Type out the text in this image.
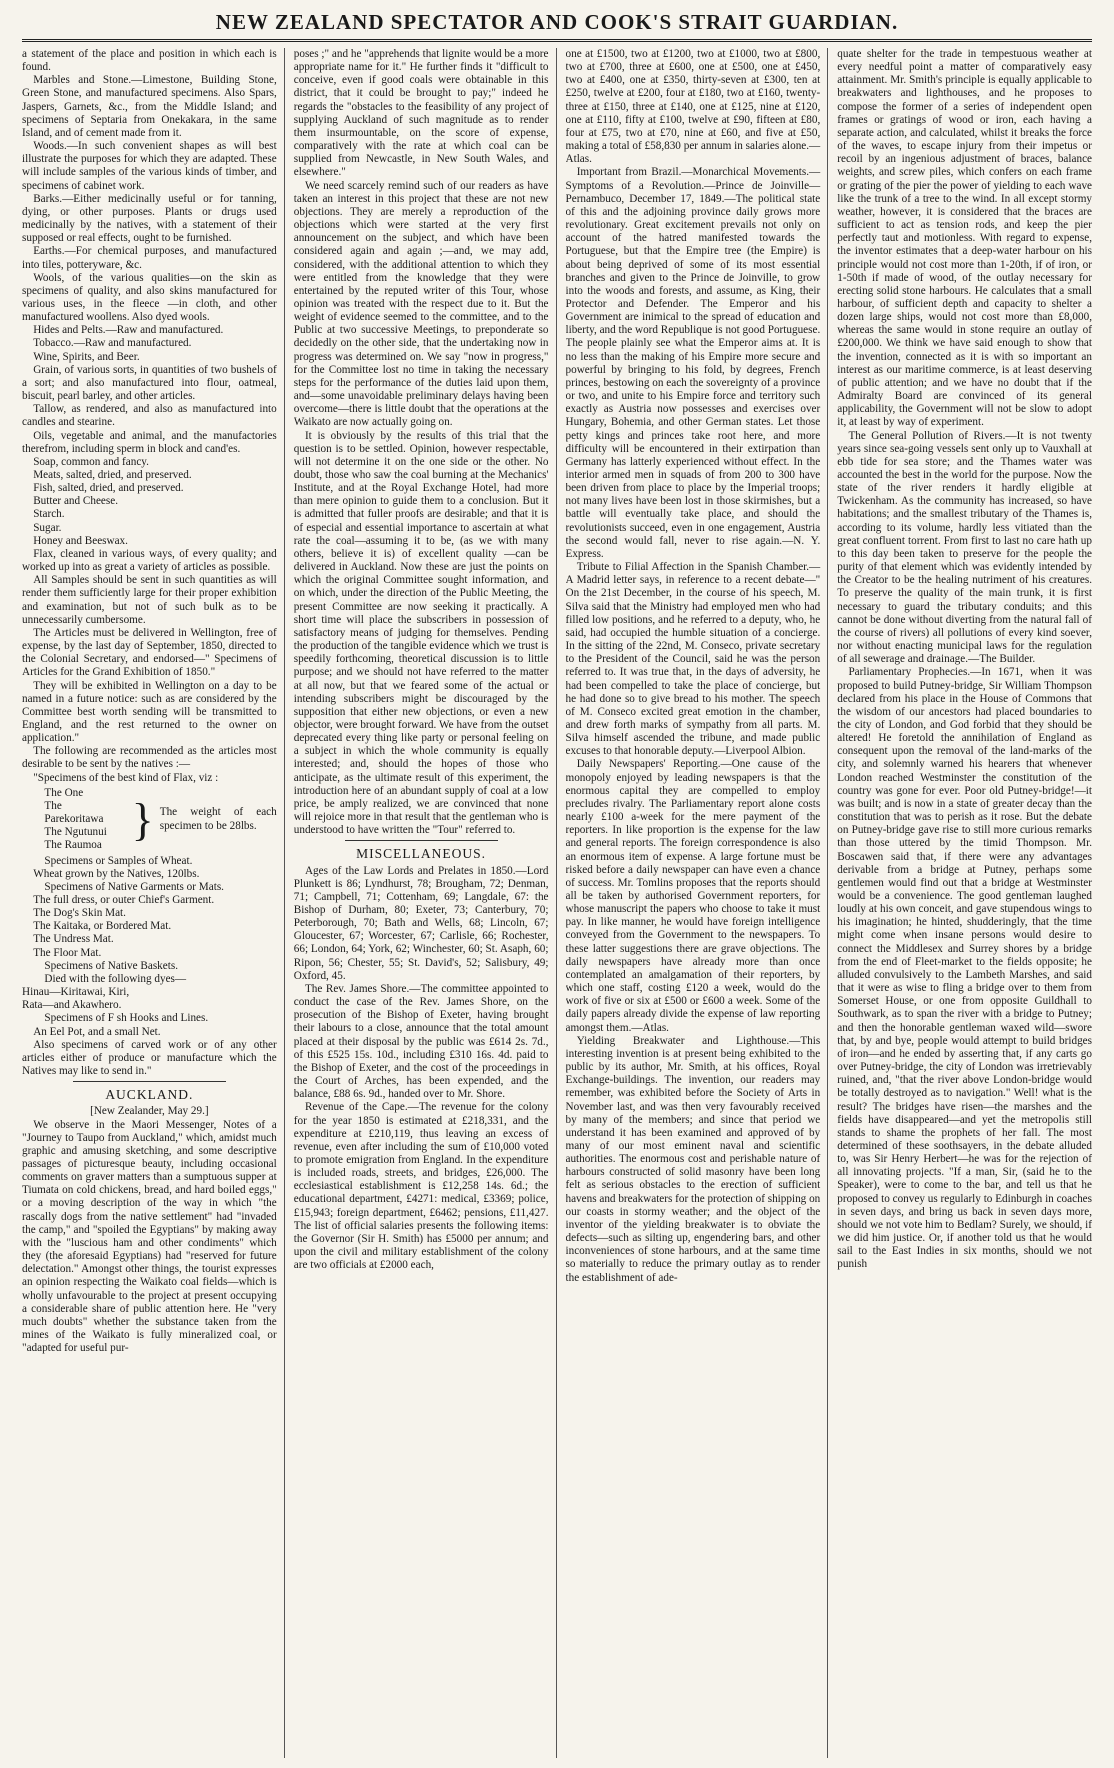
NEW ZEALAND SPECTATOR AND COOK'S STRAIT GUARDIAN.

a statement of the place and position in which each is found.

Marbles and Stone.—Limestone, Building Stone, Green Stone, and manufactured specimens. Also Spars, Jaspers, Garnets, &c., from the Middle Island; and specimens of Septaria from Onekakara, in the same Island, and of cement made from it.

Woods.—In such convenient shapes as will best illustrate the purposes for which they are adapted. These will include samples of the various kinds of timber, and specimens of cabinet work.

Barks.—Either medicinally useful or for tanning, dying, or other purposes. Plants or drugs used medicinally by the natives, with a statement of their supposed or real effects, ought to be furnished.

Earths.—For chemical purposes, and manufactured into tiles, potteryware, &c.

Wools, of the various qualities—on the skin as specimens of quality, and also skins manufactured for various uses, in the fleece —in cloth, and other manufactured woollens. Also dyed wools.

Hides and Pelts.—Raw and manufactured.

Tobacco.—Raw and manufactured.

Wine, Spirits, and Beer.

Grain, of various sorts, in quantities of two bushels of a sort; and also manufactured into flour, oatmeal, biscuit, pearl barley, and other articles.

Tallow, as rendered, and also as manufactured into candles and stearine.

Oils, vegetable and animal, and the manufactories therefrom, including sperm in block and cand'es.

Soap, common and fancy.

Meats, salted, dried, and preserved.

Fish, salted, dried, and preserved.

Butter and Cheese.

Starch.

Sugar.

Honey and Beeswax.

Flax, cleaned in various ways, of every quality; and worked up into as great a variety of articles as possible.

All Samples should be sent in such quantities as will render them sufficiently large for their proper exhibition and examination, but not of such bulk as to be unnecessarily cumbersome.

The Articles must be delivered in Wellington, free of expense, by the last day of September, 1850, directed to the Colonial Secretary, and endorsed—" Specimens of Articles for the Grand Exhibition of 1850."

They will be exhibited in Wellington on a day to be named in a future notice: such as are considered by the Committee best worth sending will be transmitted to England, and the rest returned to the owner on application."

The following are recommended as the articles most desirable to be sent by the natives :—

"Specimens of the best kind of Flax, viz :

The One
The Parekoritawa
The Ngutunui
The Raumoa
} The weight of each specimen to be 28lbs.

Specimens or Samples of Wheat.

Wheat grown by the Natives, 120lbs.

Specimens of Native Garments or Mats.

The full dress, or outer Chief's Garment.

The Dog's Skin Mat.

The Kaitaka, or Bordered Mat.

The Undress Mat.

The Floor Mat.

Specimens of Native Baskets.

Died with the following dyes—

Hinau—Kiritawai, Kiri,

Rata—and Akawhero.

Specimens of F sh Hooks and Lines.

An Eel Pot, and a small Net.

Also specimens of carved work or of any other articles either of produce or manufacture which the Natives may like to send in."

AUCKLAND.

[New Zealander, May 29.]

We observe in the Maori Messenger, Notes of a "Journey to Taupo from Auckland," which, amidst much graphic and amusing sketching, and some descriptive passages of picturesque beauty, including occasional comments on graver matters than a sumptuous supper at Tiumata on cold chickens, bread, and hard boiled eggs," or a moving description of the way in which "the rascally dogs from the native settlement" had "invaded the camp," and "spoiled the Egyptians" by making away with the "luscious ham and other condiments" which they (the aforesaid Egyptians) had "reserved for future delectation." Amongst other things, the tourist expresses an opinion respecting the Waikato coal fields—which is wholly unfavourable to the project at present occupying a considerable share of public attention here. He "very much doubts" whether the substance taken from the mines of the Waikato is fully mineralized coal, or "adapted for useful pur-

poses ;" and he "apprehends that lignite would be a more appropriate name for it." He further finds it "difficult to conceive, even if good coals were obtainable in this district, that it could be brought to pay;" indeed he regards the "obstacles to the feasibility of any project of supplying Auckland of such magnitude as to render them insurmountable, on the score of expense, comparatively with the rate at which coal can be supplied from Newcastle, in New South Wales, and elsewhere."

We need scarcely remind such of our readers as have taken an interest in this project that these are not new objections. They are merely a reproduction of the objections which were started at the very first announcement on the subject, and which have been considered again and again ;—and, we may add, considered, with the additional attention to which they were entitled from the knowledge that they were entertained by the reputed writer of this Tour, whose opinion was treated with the respect due to it. But the weight of evidence seemed to the committee, and to the Public at two successive Meetings, to preponderate so decidedly on the other side, that the undertaking now in progress was determined on. We say "now in progress," for the Committee lost no time in taking the necessary steps for the performance of the duties laid upon them, and—some unavoidable preliminary delays having been overcome—there is little doubt that the operations at the Waikato are now actually going on.

It is obviously by the results of this trial that the question is to be settled. Opinion, however respectable, will not determine it on the one side or the other. No doubt, those who saw the coal burning at the Mechanics' Institute, and at the Royal Exchange Hotel, had more than mere opinion to guide them to a conclusion. But it is admitted that fuller proofs are desirable; and that it is of especial and essential importance to ascertain at what rate the coal—assuming it to be, (as we with many others, believe it is) of excellent quality —can be delivered in Auckland. Now these are just the points on which the original Committee sought information, and on which, under the direction of the Public Meeting, the present Committee are now seeking it practically. A short time will place the subscribers in possession of satisfactory means of judging for themselves. Pending the production of the tangible evidence which we trust is speedily forthcoming, theoretical discussion is to little purpose; and we should not have referred to the matter at all now, but that we feared some of the actual or intending subscribers might be discouraged by the supposition that either new objections, or even a new objector, were brought forward. We have from the outset deprecated every thing like party or personal feeling on a subject in which the whole community is equally interested; and, should the hopes of those who anticipate, as the ultimate result of this experiment, the introduction here of an abundant supply of coal at a low price, be amply realized, we are convinced that none will rejoice more in that result that the gentleman who is understood to have written the "Tour" referred to.

MISCELLANEOUS.

Ages of the Law Lords and Prelates in 1850.—Lord Plunkett is 86; Lyndhurst, 78; Brougham, 72; Denman, 71; Campbell, 71; Cottenham, 69; Langdale, 67: the Bishop of Durham, 80; Exeter, 73; Canterbury, 70; Peterborough, 70; Bath and Wells, 68; Lincoln, 67; Gloucester, 67; Worcester, 67; Carlisle, 66; Rochester, 66; London, 64; York, 62; Winchester, 60; St. Asaph, 60; Ripon, 56; Chester, 55; St. David's, 52; Salisbury, 49; Oxford, 45.

The Rev. James Shore.—The committee appointed to conduct the case of the Rev. James Shore, on the prosecution of the Bishop of Exeter, having brought their labours to a close, announce that the total amount placed at their disposal by the public was £614 2s. 7d., of this £525 15s. 10d., including £310 16s. 4d. paid to the Bishop of Exeter, and the cost of the proceedings in the Court of Arches, has been expended, and the balance, £88 6s. 9d., handed over to Mr. Shore.

Revenue of the Cape.—The revenue for the colony for the year 1850 is estimated at £218,331, and the expenditure at £210,119, thus leaving an excess of revenue, even after including the sum of £10,000 voted to promote emigration from England. In the expenditure is included roads, streets, and bridges, £26,000. The ecclesiastical establishment is £12,258 14s. 6d.; the educational department, £4271: medical, £3369; police, £15,943; foreign department, £6462; pensions, £11,427. The list of official salaries presents the following items: the Governor (Sir H. Smith) has £5000 per annum; and upon the civil and military establishment of the colony are two officials at £2000 each,

one at £1500, two at £1200, two at £1000, two at £800, two at £700, three at £600, one at £500, one at £450, two at £400, one at £350, thirty-seven at £300, ten at £250, twelve at £200, four at £180, two at £160, twenty-three at £150, three at £140, one at £125, nine at £120, one at £110, fifty at £100, twelve at £90, fifteen at £80, four at £75, two at £70, nine at £60, and five at £50, making a total of £58,830 per annum in salaries alone.—Atlas.

Important from Brazil.—Monarchical Movements.—Symptoms of a Revolution.—Prince de Joinville—Pernambuco, December 17, 1849.—The political state of this and the adjoining province daily grows more revolutionary. Great excitement prevails not only on account of the hatred manifested towards the Portuguese, but that the Empire tree (the Empire) is about being deprived of some of its most essential branches and given to the Prince de Joinville, to grow into the woods and forests, and assume, as King, their Protector and Defender. The Emperor and his Government are inimical to the spread of education and liberty, and the word Republique is not good Portuguese. The people plainly see what the Emperor aims at. It is no less than the making of his Empire more secure and powerful by bringing to his fold, by degrees, French princes, bestowing on each the sovereignty of a province or two, and unite to his Empire force and territory such exactly as Austria now possesses and exercises over Hungary, Bohemia, and other German states. Let those petty kings and princes take root here, and more difficulty will be encountered in their extirpation than Germany has latterly experienced without effect. In the interior armed men in squads of from 200 to 300 have been driven from place to place by the Imperial troops; not many lives have been lost in those skirmishes, but a battle will eventually take place, and should the revolutionists succeed, even in one engagement, Austria the second would fall, never to rise again.—N. Y. Express.

Tribute to Filial Affection in the Spanish Chamber.—A Madrid letter says, in reference to a recent debate—" On the 21st December, in the course of his speech, M. Silva said that the Ministry had employed men who had filled low positions, and he referred to a deputy, who, he said, had occupied the humble situation of a concierge. In the sitting of the 22nd, M. Conseco, private secretary to the President of the Council, said he was the person referred to. It was true that, in the days of adversity, he had been compelled to take the place of concierge, but he had done so to give bread to his mother. The speech of M. Conseco excited great emotion in the chamber, and drew forth marks of sympathy from all parts. M. Silva himself ascended the tribune, and made public excuses to that honorable deputy.—Liverpool Albion.

Daily Newspapers' Reporting.—One cause of the monopoly enjoyed by leading newspapers is that the enormous capital they are compelled to employ precludes rivalry. The Parliamentary report alone costs nearly £100 a-week for the mere payment of the reporters. In like proportion is the expense for the law and general reports. The foreign correspondence is also an enormous item of expense. A large fortune must be risked before a daily newspaper can have even a chance of success. Mr. Tomlins proposes that the reports should all be taken by authorised Government reporters, for whose manuscript the papers who choose to take it must pay. In like manner, he would have foreign intelligence conveyed from the Government to the newspapers. To these latter suggestions there are grave objections. The daily newspapers have already more than once contemplated an amalgamation of their reporters, by which one staff, costing £120 a week, would do the work of five or six at £500 or £600 a week. Some of the daily papers already divide the expense of law reporting amongst them.—Atlas.

Yielding Breakwater and Lighthouse.—This interesting invention is at present being exhibited to the public by its author, Mr. Smith, at his offices, Royal Exchange-buildings. The invention, our readers may remember, was exhibited before the Society of Arts in November last, and was then very favourably received by many of the members; and since that period we understand it has been examined and approved of by many of our most eminent naval and scientific authorities. The enormous cost and perishable nature of harbours constructed of solid masonry have been long felt as serious obstacles to the erection of sufficient havens and breakwaters for the protection of shipping on our coasts in stormy weather; and the object of the inventor of the yielding breakwater is to obviate the defects—such as silting up, engendering bars, and other inconveniences of stone harbours, and at the same time so materially to reduce the primary outlay as to render the establishment of ade-

quate shelter for the trade in tempestuous weather at every needful point a matter of comparatively easy attainment. Mr. Smith's principle is equally applicable to breakwaters and lighthouses, and he proposes to compose the former of a series of independent open frames or gratings of wood or iron, each having a separate action, and calculated, whilst it breaks the force of the waves, to escape injury from their impetus or recoil by an ingenious adjustment of braces, balance weights, and screw piles, which confers on each frame or grating of the pier the power of yielding to each wave like the trunk of a tree to the wind. In all except stormy weather, however, it is considered that the braces are sufficient to act as tension rods, and keep the pier perfectly taut and motionless. With regard to expense, the inventor estimates that a deep-water harbour on his principle would not cost more than 1-20th, if of iron, or 1-50th if made of wood, of the outlay necessary for erecting solid stone harbours. He calculates that a small harbour, of sufficient depth and capacity to shelter a dozen large ships, would not cost more than £8,000, whereas the same would in stone require an outlay of £200,000. We think we have said enough to show that the invention, connected as it is with so important an interest as our maritime commerce, is at least deserving of public attention; and we have no doubt that if the Admiralty Board are convinced of its general applicability, the Government will not be slow to adopt it, at least by way of experiment.

The General Pollution of Rivers.—It is not twenty years since sea-going vessels sent only up to Vauxhall at ebb tide for sea store; and the Thames water was accounted the best in the world for the purpose. Now the state of the river renders it hardly eligible at Twickenham. As the community has increased, so have habitations; and the smallest tributary of the Thames is, according to its volume, hardly less vitiated than the great confluent torrent. From first to last no care hath up to this day been taken to preserve for the people the purity of that element which was evidently intended by the Creator to be the healing nutriment of his creatures. To preserve the quality of the main trunk, it is first necessary to guard the tributary conduits; and this cannot be done without diverting from the natural fall of the course of rivers) all pollutions of every kind soever, nor without enacting municipal laws for the regulation of all sewerage and drainage.—The Builder.

Parliamentary Prophecies.—In 1671, when it was proposed to build Putney-bridge, Sir William Thompson declared from his place in the House of Commons that the wisdom of our ancestors had placed boundaries to the city of London, and God forbid that they should be altered! He foretold the annihilation of England as consequent upon the removal of the land-marks of the city, and solemnly warned his hearers that whenever London reached Westminster the constitution of the country was gone for ever. Poor old Putney-bridge!—it was built; and is now in a state of greater decay than the constitution that was to perish as it rose. But the debate on Putney-bridge gave rise to still more curious remarks than those uttered by the timid Thompson. Mr. Boscawen said that, if there were any advantages derivable from a bridge at Putney, perhaps some gentlemen would find out that a bridge at Westminster would be a convenience. The good gentleman laughed loudly at his own conceit, and gave stupendous wings to his imagination; he hinted, shudderingly, that the time might come when insane persons would desire to connect the Middlesex and Surrey shores by a bridge from the end of Fleet-market to the fields opposite; he alluded convulsively to the Lambeth Marshes, and said that it were as wise to fling a bridge over to them from Somerset House, or one from opposite Guildhall to Southwark, as to span the river with a bridge to Putney; and then the honorable gentleman waxed wild—swore that, by and bye, people would attempt to build bridges of iron—and he ended by asserting that, if any carts go over Putney-bridge, the city of London was irretrievably ruined, and, "that the river above London-bridge would be totally destroyed as to navigation." Well! what is the result? The bridges have risen—the marshes and the fields have disappeared—and yet the metropolis still stands to shame the prophets of her fall. The most determined of these soothsayers, in the debate alluded to, was Sir Henry Herbert—he was for the rejection of all innovating projects. "If a man, Sir, (said he to the Speaker), were to come to the bar, and tell us that he proposed to convey us regularly to Edinburgh in coaches in seven days, and bring us back in seven days more, should we not vote him to Bedlam? Surely, we should, if we did him justice. Or, if another told us that he would sail to the East Indies in six months, should we not punish
